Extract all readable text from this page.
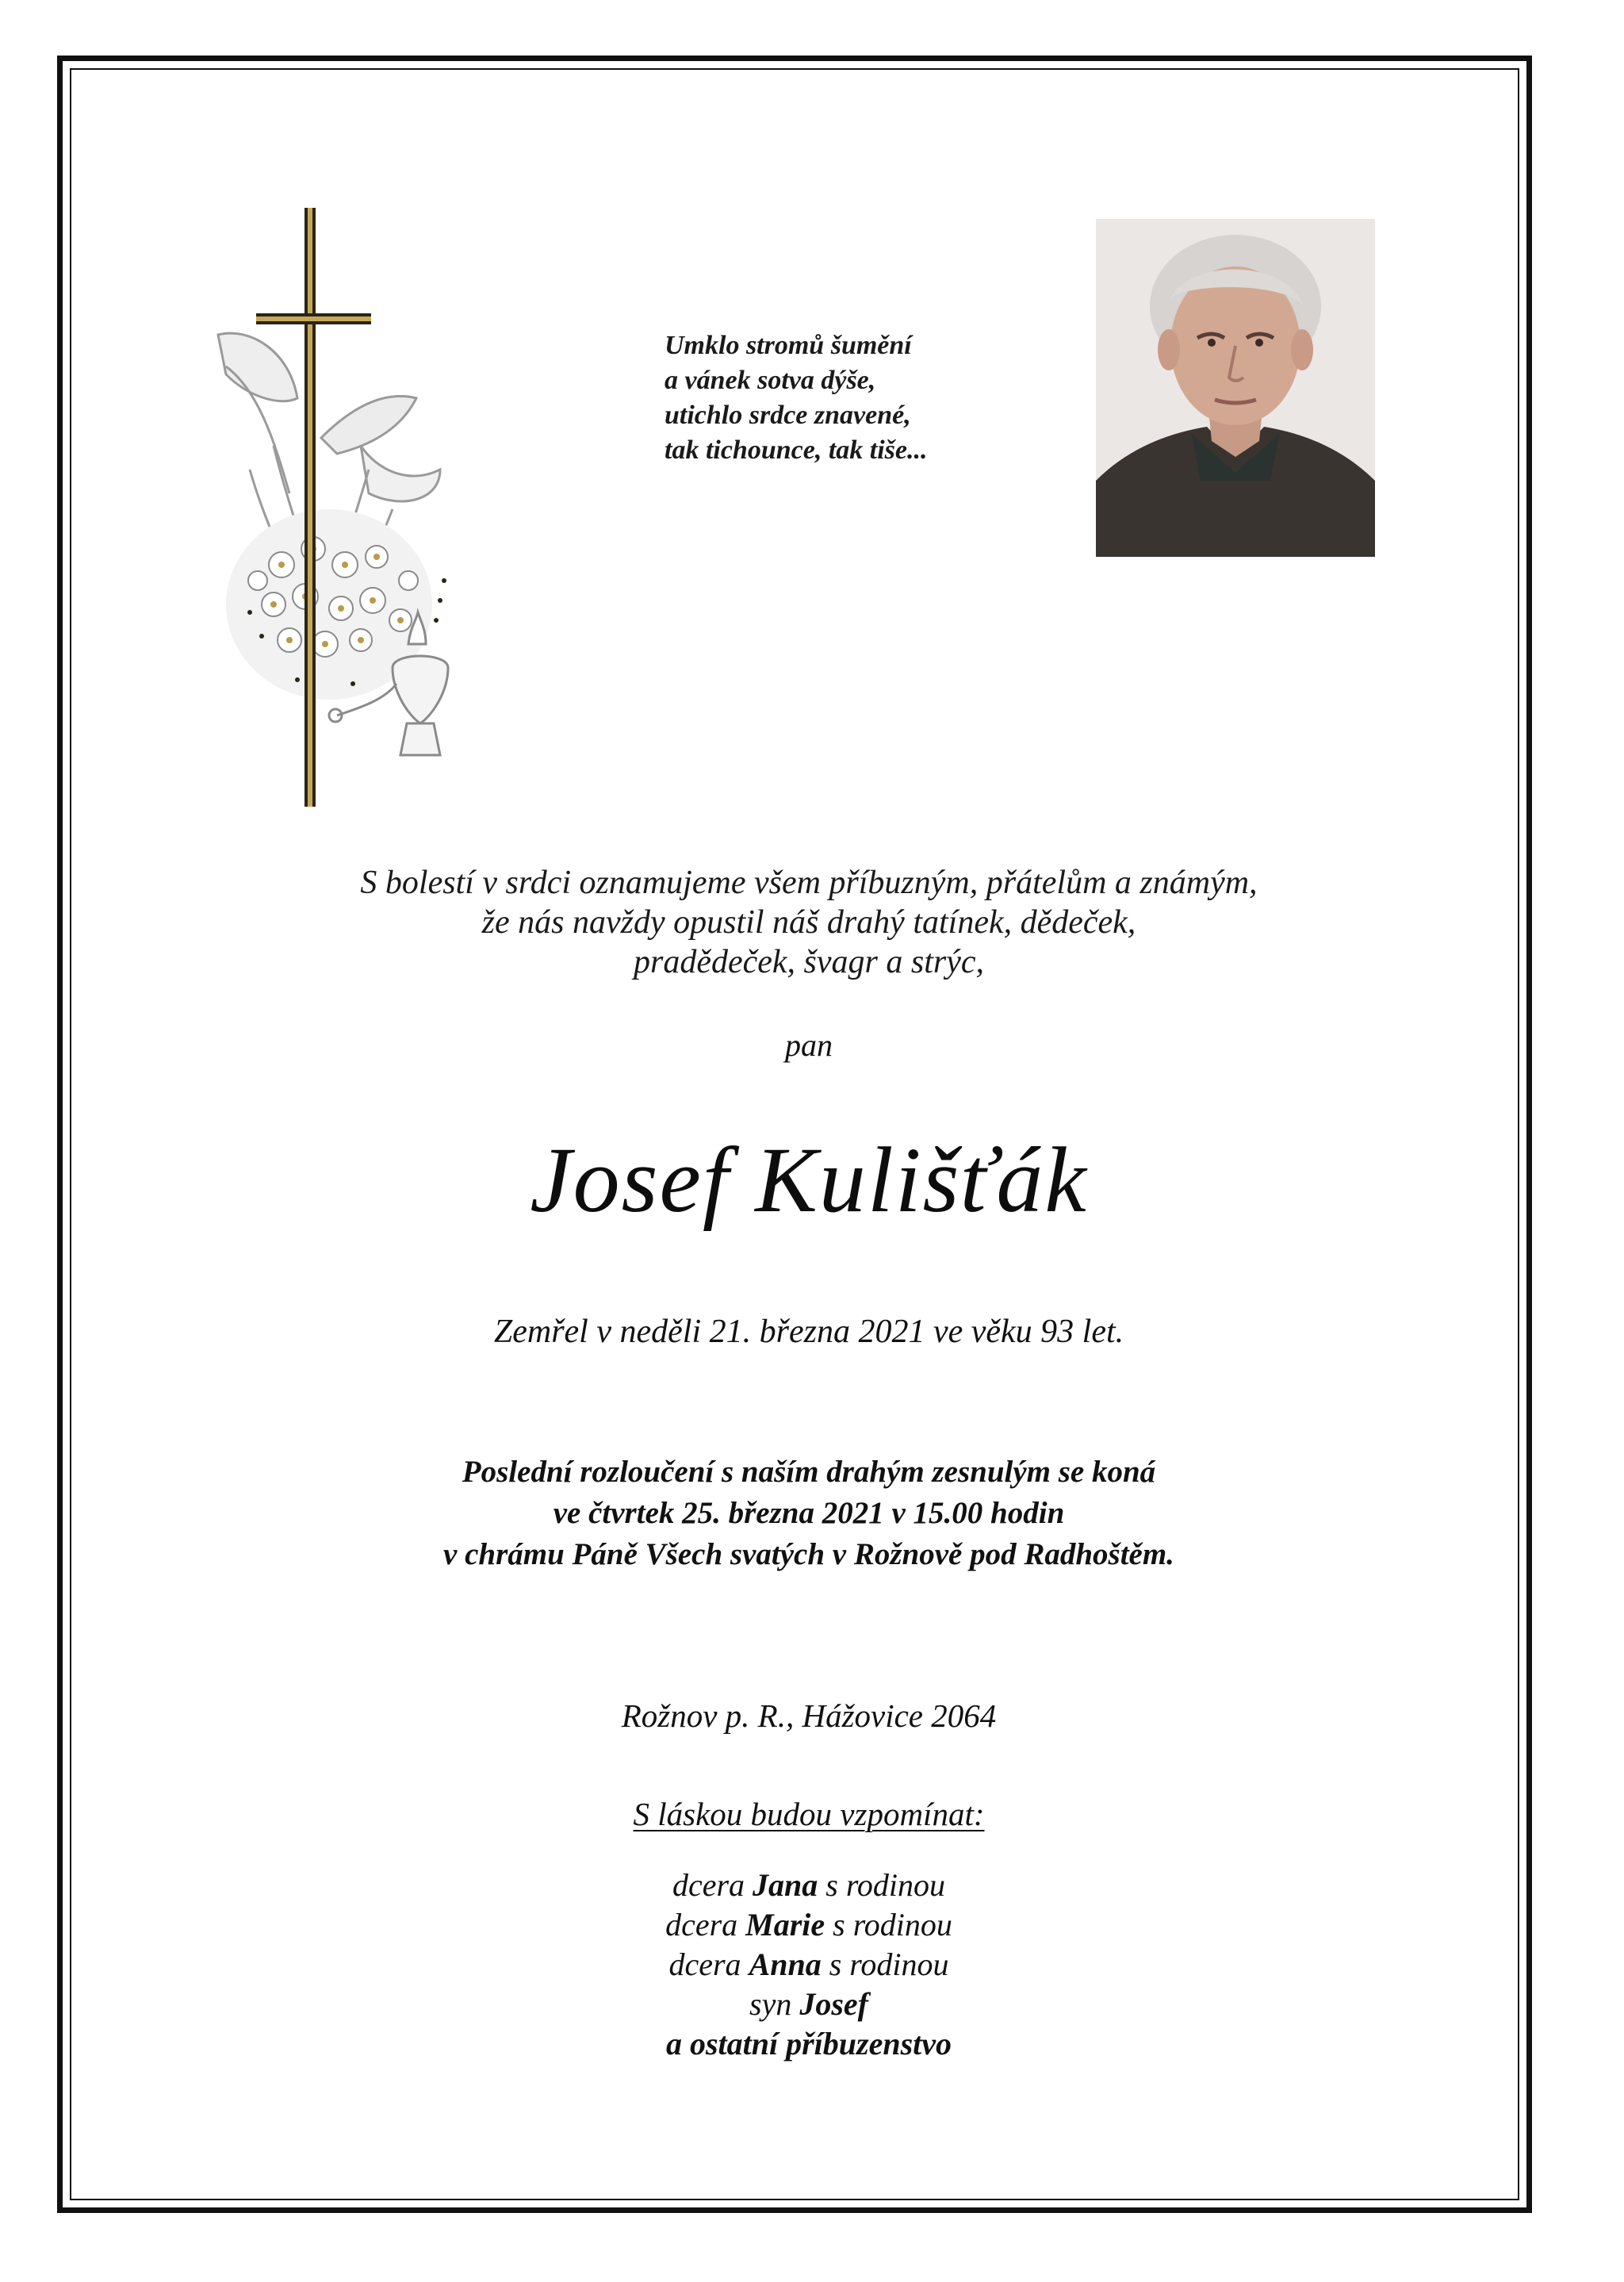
Umklo stromů šumění
a vánek sotva dýše,
utichlo srdce znavené,
tak tichounce, tak tiše...
S bolestí v srdci oznamujeme všem příbuzným, přátelům a známým,
že nás navždy opustil náš drahý tatínek, dědeček,
pradědeček, švagr a strýc,
pan
Josef Kulišťák
Zemřel v neděli 21. března 2021 ve věku 93 let.
Poslední rozloučení s naším drahým zesnulým se koná
ve čtvrtek 25. března 2021 v 15.00 hodin
v chrámu Páně Všech svatých v Rožnově pod Radhoštěm.
Rožnov p. R., Hážovice 2064
S láskou budou vzpomínat:
dcera Jana s rodinou
dcera Marie s rodinou
dcera Anna s rodinou
syn Josef
a ostatní příbuzenstvo
